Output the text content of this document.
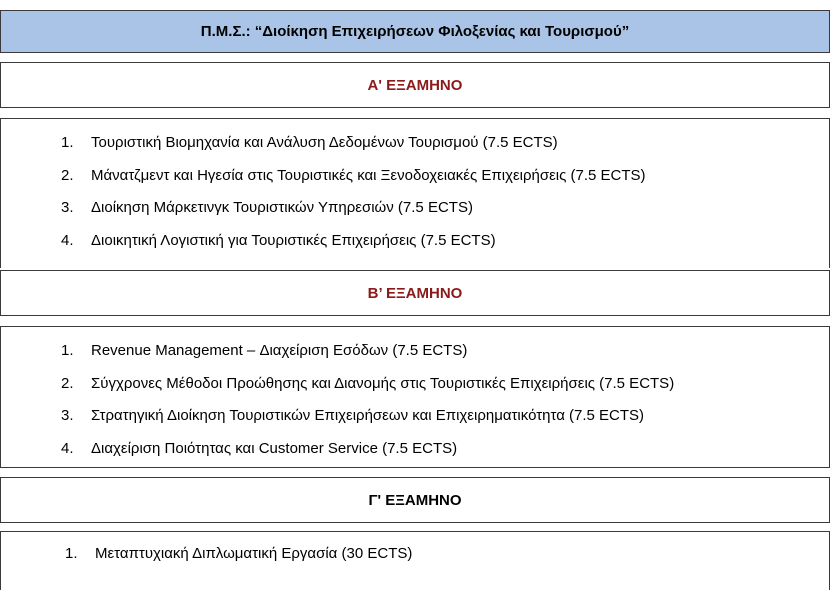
Π.Μ.Σ.: “Διοίκηση Επιχειρήσεων Φιλοξενίας και Τουρισμού”
Α' ΕΞΑΜΗΝΟ
1.	Τουριστική Βιομηχανία και Ανάλυση Δεδομένων Τουρισμού (7.5 ECTS)
2.	Μάνατζμεντ και Ηγεσία στις Τουριστικές και Ξενοδοχειακές Επιχειρήσεις (7.5 ECTS)
3.	Διοίκηση Μάρκετινγκ Τουριστικών Υπηρεσιών (7.5 ECTS)
4.	Διοικητική Λογιστική για Τουριστικές Επιχειρήσεις (7.5 ECTS)
Β’ ΕΞΑΜΗΝΟ
1.	Revenue Management – Διαχείριση Εσόδων (7.5 ECTS)
2.	Σύγχρονες Μέθοδοι Προώθησης και Διανομής στις Τουριστικές Επιχειρήσεις (7.5 ECTS)
3.	Στρατηγική Διοίκηση Τουριστικών Επιχειρήσεων και Επιχειρηματικότητα (7.5 ECTS)
4.	Διαχείριση Ποιότητας και Customer Service (7.5 ECTS)
Γ' ΕΞΑΜΗΝΟ
1.	Μεταπτυχιακή Διπλωματική Εργασία (30 ECTS)
